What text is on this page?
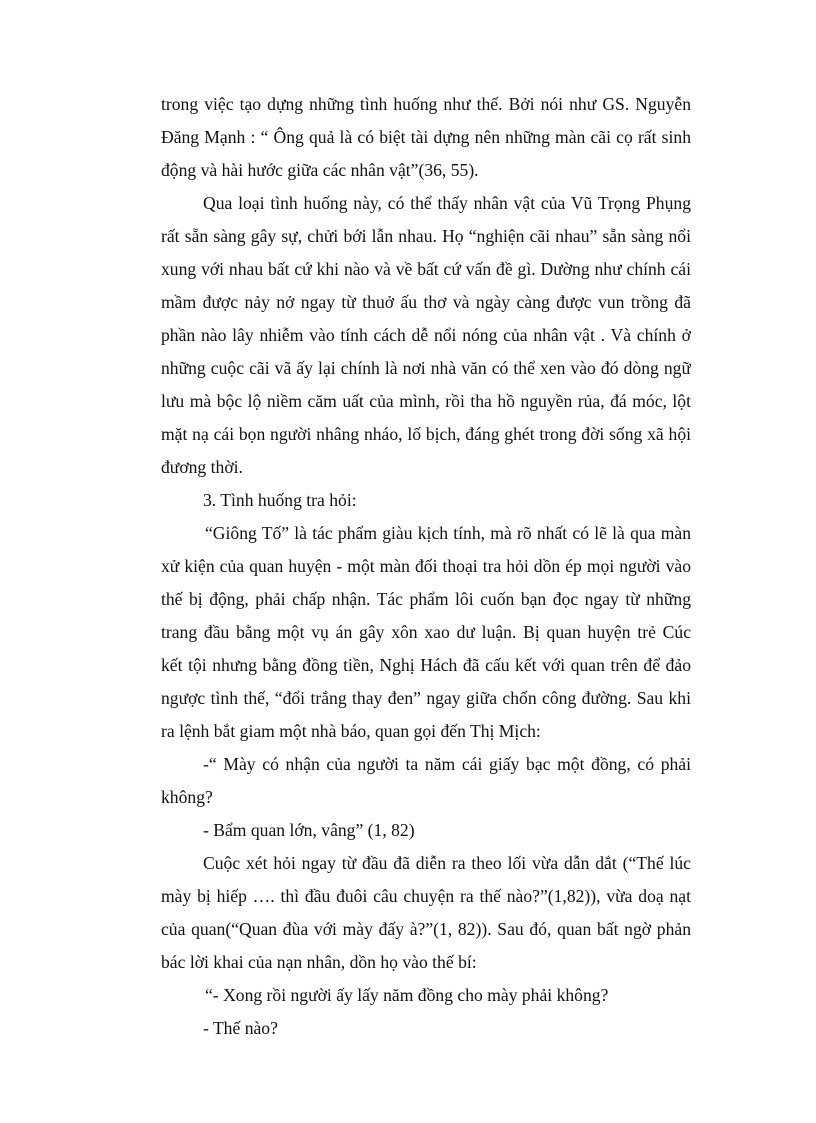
trong việc tạo dựng những tình huống như thế. Bởi nói như GS. Nguyễn
Đăng Mạnh : “ Ông quả là có biệt tài dựng nên những màn cãi cọ rất sinh
động và hài hước giữa các nhân vật”(36, 55).
Qua loại tình huống này, có thể thấy nhân vật của Vũ Trọng Phụng
rất sẵn sàng gây sự, chửi bới lẫn nhau. Họ “nghiện cãi nhau” sẵn sàng nổi
xung với nhau bất cứ khi nào và về bất cứ vấn đề gì. Dường như chính cái
mầm được nảy nở ngay từ thuở ấu thơ và ngày càng được vun trồng đã
phần nào lây nhiễm vào tính cách dễ nổi nóng của nhân vật . Và chính ở
những cuộc cãi vã ấy lại chính là nơi nhà văn có thể xen vào đó dòng ngữ
lưu mà bộc lộ niềm căm uất của mình, rồi tha hồ nguyền rủa, đá móc, lột
mặt nạ cái bọn người nhâng nháo, lố bịch, đáng ghét trong đời sống xã hội
đương thời.
3. Tình huống tra hỏi:
“Giông Tố” là tác phẩm giàu kịch tính, mà rõ nhất có lẽ là qua màn
xử kiện của quan huyện - một màn đối thoại tra hỏi dồn ép mọi người vào
thế bị động, phải chấp nhận. Tác phẩm lôi cuốn bạn đọc ngay từ những
trang đầu bằng một vụ án gây xôn xao dư luận. Bị quan huyện trẻ Cúc
kết tội nhưng bằng đồng tiền, Nghị Hách đã cấu kết với quan trên để đảo
ngược tình thế, “đổi trắng thay đen” ngay giữa chốn công đường. Sau khi
ra lệnh bắt giam một nhà báo, quan gọi đến Thị Mịch:
-“ Mày có nhận của người ta năm cái giấy bạc một đồng, có phải
không?
- Bẩm quan lớn, vâng” (1, 82)
Cuộc xét hỏi ngay từ đầu đã diễn ra theo lối vừa dẫn dắt (“Thế lúc
mày bị hiếp …. thì đầu đuôi câu chuyện ra thế nào?”(1,82)), vừa doạ nạt
của quan(“Quan đùa với mày đấy à?”(1, 82)). Sau đó, quan bất ngờ phản
bác lời khai của nạn nhân, dồn họ vào thế bí:
“- Xong rồi người ấy lấy năm đồng cho mày phải không?
- Thế nào?
